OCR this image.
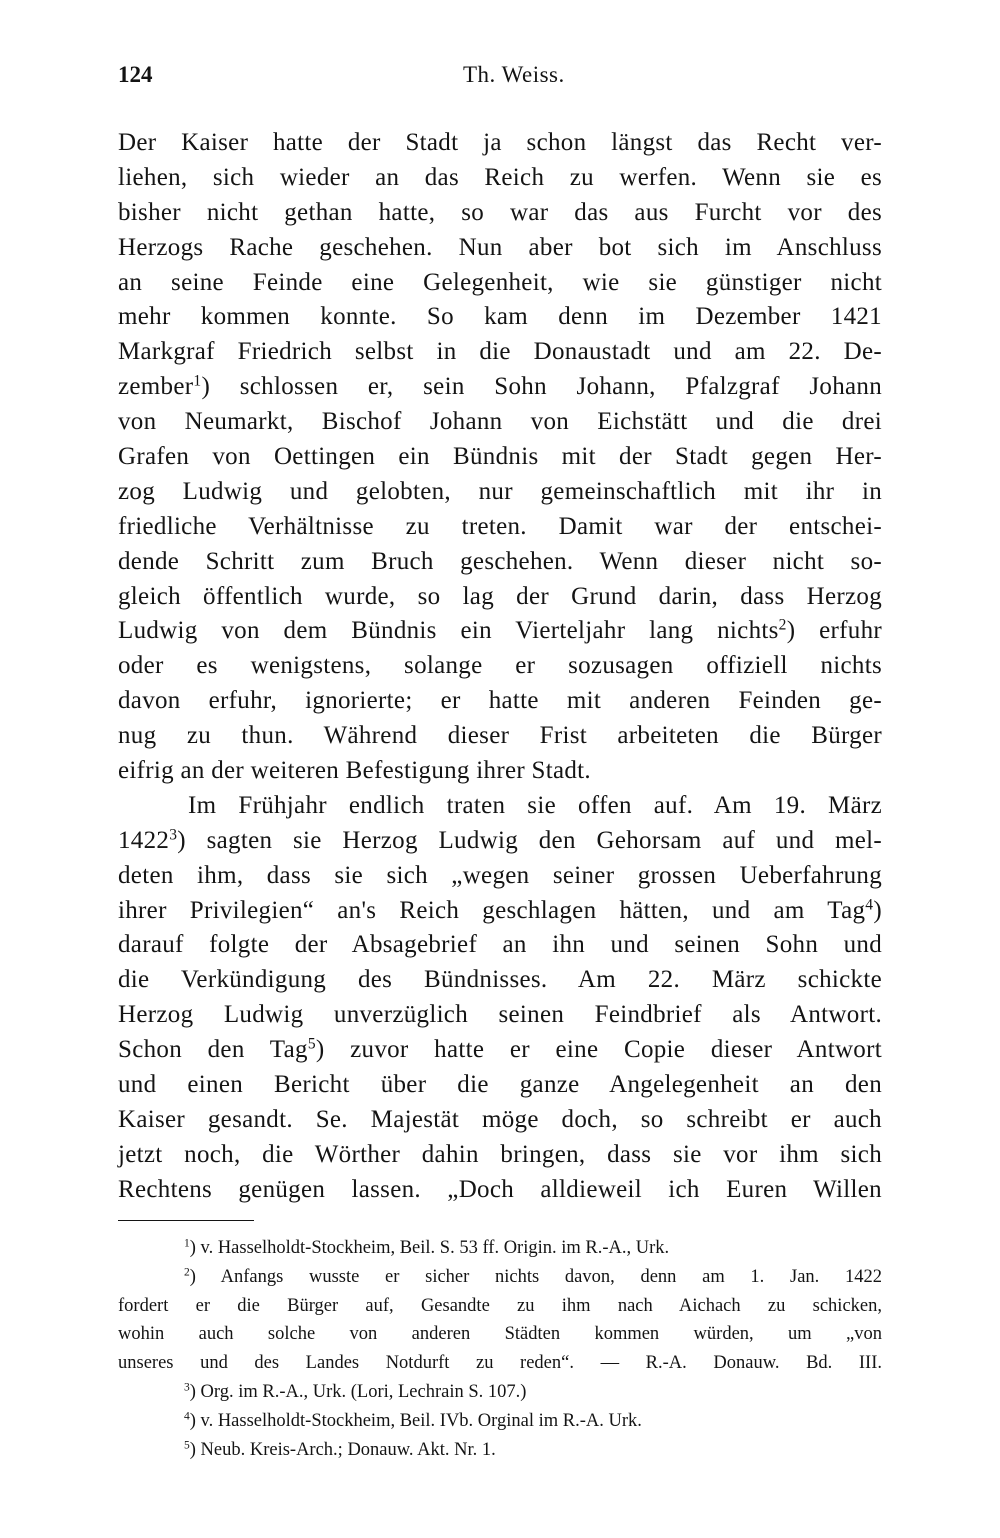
124	Th. Weiss.
Der Kaiser hatte der Stadt ja schon längst das Recht ver-
liehen, sich wieder an das Reich zu werfen. Wenn sie es
bisher nicht gethan hatte, so war das aus Furcht vor des
Herzogs Rache geschehen. Nun aber bot sich im Anschluss
an seine Feinde eine Gelegenheit, wie sie günstiger nicht
mehr kommen konnte. So kam denn im Dezember 1421
Markgraf Friedrich selbst in die Donaustadt und am 22. De-
zember$^1$) schlossen er, sein Sohn Johann, Pfalzgraf Johann
von Neumarkt, Bischof Johann von Eichstätt und die drei
Grafen von Oettingen ein Bündnis mit der Stadt gegen Her-
zog Ludwig und gelobten, nur gemeinschaftlich mit ihr in
friedliche Verhältnisse zu treten. Damit war der entschei-
dende Schritt zum Bruch geschehen. Wenn dieser nicht so-
gleich öffentlich wurde, so lag der Grund darin, dass Herzog
Ludwig von dem Bündnis ein Vierteljahr lang nichts$^2$) erfuhr
oder es wenigstens, solange er sozusagen offiziell nichts
davon erfuhr, ignorierte; er hatte mit anderen Feinden ge-
nug zu thun. Während dieser Frist arbeiteten die Bürger
eifrig an der weiteren Befestigung ihrer Stadt.
Im Frühjahr endlich traten sie offen auf. Am 19. März
1422$^3$) sagten sie Herzog Ludwig den Gehorsam auf und mel-
deten ihm, dass sie sich „wegen seiner grossen Ueberfahrung
ihrer Privilegien“ an's Reich geschlagen hätten, und am Tag$^4$)
darauf folgte der Absagebrief an ihn und seinen Sohn und
die Verkündigung des Bündnisses. Am 22. März schickte
Herzog Ludwig unverzüglich seinen Feindbrief als Antwort.
Schon den Tag$^5$) zuvor hatte er eine Copie dieser Antwort
und einen Bericht über die ganze Angelegenheit an den
Kaiser gesandt. Se. Majestät möge doch, so schreibt er auch
jetzt noch, die Wörther dahin bringen, dass sie vor ihm sich
Rechtens genügen lassen. „Doch alldieweil ich Euren Willen
$^1$) v. Hasselholdt-Stockheim, Beil. S. 53 ff. Origin. im R.-A., Urk.
$^2$) Anfangs wusste er sicher nichts davon, denn am 1. Jan. 1422
fordert er die Bürger auf, Gesandte zu ihm nach Aichach zu schicken,
wohin auch solche von anderen Städten kommen würden, um „von
unseres und des Landes Notdurft zu reden“. — R.-A. Donauw. Bd. III.
$^3$) Org. im R.-A., Urk. (Lori, Lechrain S. 107.)
$^4$) v. Hasselholdt-Stockheim, Beil. IVb. Orginal im R.-A. Urk.
$^5$) Neub. Kreis-Arch.; Donauw. Akt. Nr. 1.
